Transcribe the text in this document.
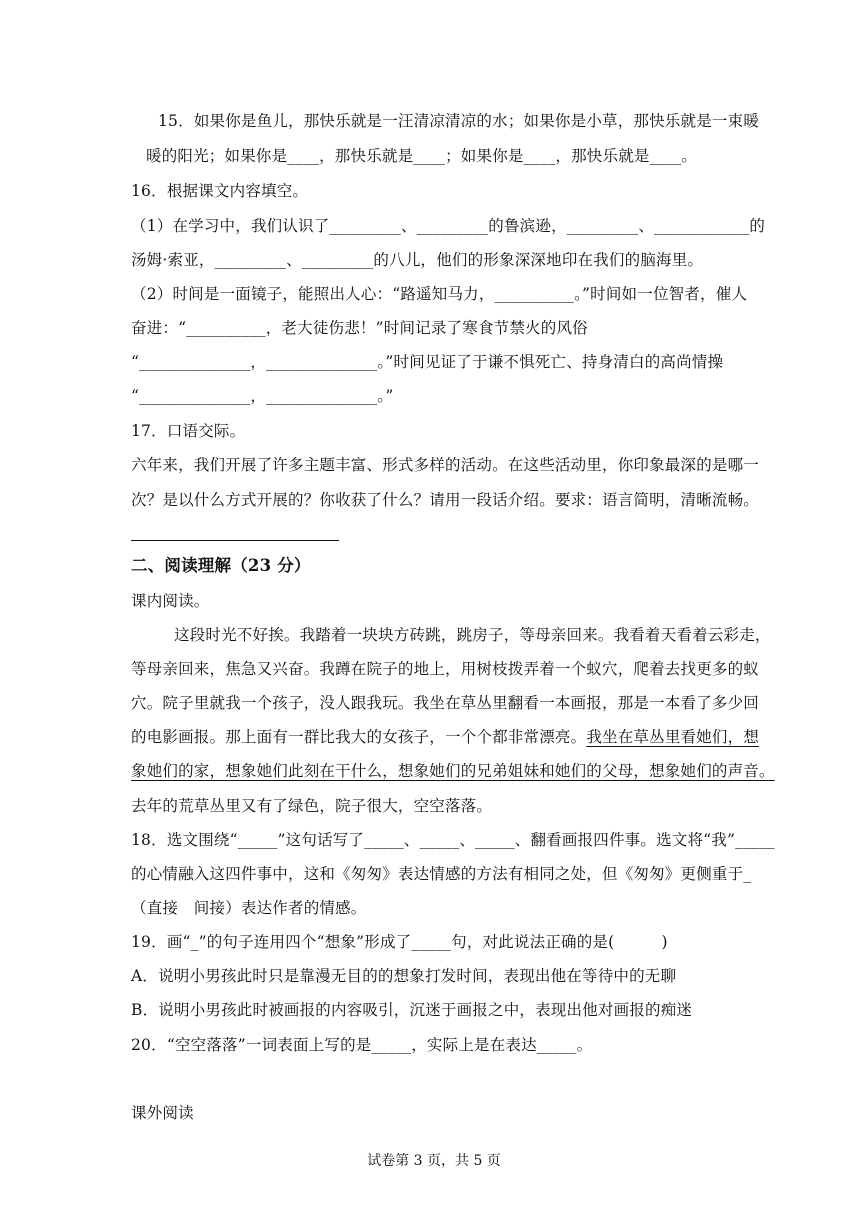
15．如果你是鱼儿，那快乐就是一汪清凉清凉的水；如果你是小草，那快乐就是一束暖
暖的阳光；如果你是____，那快乐就是____；如果你是____，那快乐就是____。
16．根据课文内容填空。
（1）在学习中，我们认识了_________、_________的鲁滨逊，_________、____________的
汤姆·索亚，_________、_________的八儿，他们的形象深深地印在我们的脑海里。
（2）时间是一面镜子，能照出人心：“路遥知马力，__________。”时间如一位智者，催人
奋进：“__________，老大徒伤悲！”时间记录了寒食节禁火的风俗
“______________，______________。”时间见证了于谦不惧死亡、持身清白的高尚情操
“______________，______________。”
17．口语交际。
六年来，我们开展了许多主题丰富、形式多样的活动。在这些活动里，你印象最深的是哪一
次？是以什么方式开展的？你收获了什么？请用一段话介绍。要求：语言简明，清晰流畅。
二、阅读理解（23 分）
课内阅读。
这段时光不好挨。我踏着一块块方砖跳，跳房子，等母亲回来。我看着天看着云彩走，
等母亲回来，焦急又兴奋。我蹲在院子的地上，用树枝拨弄着一个蚁穴，爬着去找更多的蚁
穴。院子里就我一个孩子，没人跟我玩。我坐在草丛里翻看一本画报，那是一本看了多少回
的电影画报。那上面有一群比我大的女孩子，一个个都非常漂亮。我坐在草丛里看她们，想
象她们的家，想象她们此刻在干什么，想象她们的兄弟姐妹和她们的父母，想象她们的声音。
去年的荒草丛里又有了绿色，院子很大，空空落落。
18．选文围绕“_____”这句话写了_____、_____、_____、翻看画报四件事。选文将“我”_____
的心情融入这四件事中，这和《匆匆》表达情感的方法有相同之处，但《匆匆》更侧重于_
（直接　间接）表达作者的情感。
19．画“_”的句子连用四个“想象”形成了_____句，对此说法正确的是(　　　)
A．说明小男孩此时只是靠漫无目的的想象打发时间，表现出他在等待中的无聊
B．说明小男孩此时被画报的内容吸引，沉迷于画报之中，表现出他对画报的痴迷
20．“空空落落”一词表面上写的是_____，实际上是在表达_____。
课外阅读
试卷第 3 页，共 5 页
